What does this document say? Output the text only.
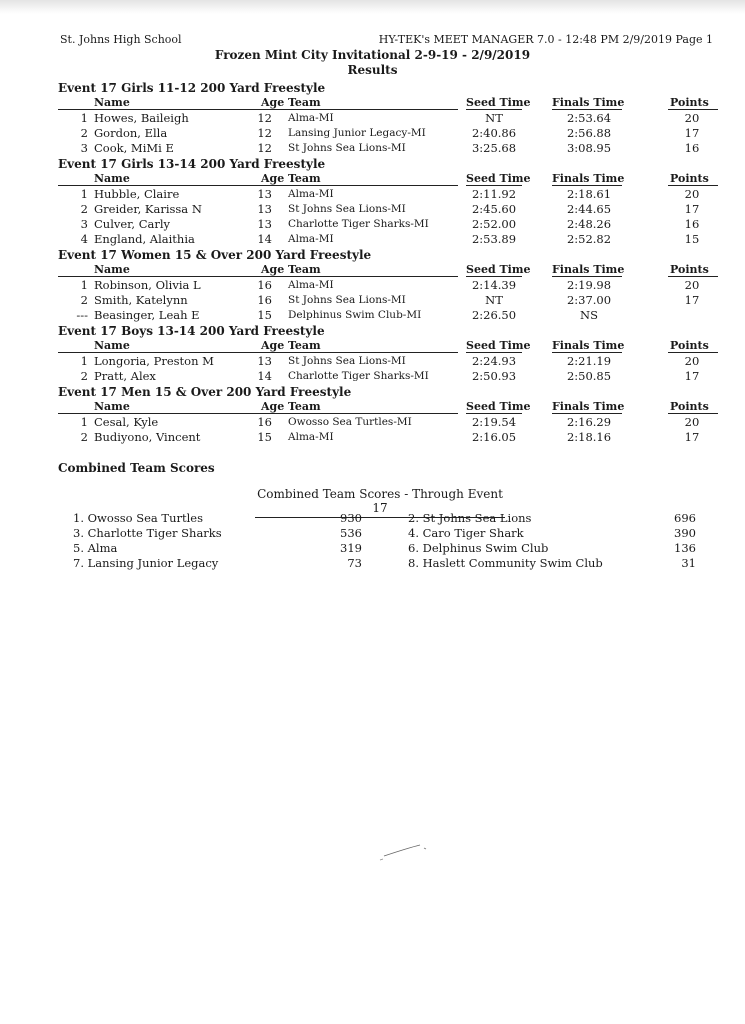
St. Johns High School	HY-TEK's MEET MANAGER 7.0 - 12:48 PM 2/9/2019 Page 1
Frozen Mint City Invitational 2-9-19 - 2/9/2019
Results
Event 17 Girls 11-12 200 Yard Freestyle
Name	Age Team	Seed Time Finals Time	Points
1 Howes, Baileigh	12 Alma-MI	NT	2:53.64	20
2 Gordon, Ella	12 Lansing Junior Legacy-MI	2:40.86	2:56.88	17
3 Cook, MiMi E	12 St Johns Sea Lions-MI	3:25.68	3:08.95	16
Event 17 Girls 13-14 200 Yard Freestyle
Name	Age Team	Seed Time Finals Time	Points
1 Hubble, Claire	13 Alma-MI	2:11.92	2:18.61	20
2 Greider, Karissa N	13 St Johns Sea Lions-MI	2:45.60	2:44.65	17
3 Culver, Carly	13 Charlotte Tiger Sharks-MI	2:52.00	2:48.26	16
4 England, Alaithia	14 Alma-MI	2:53.89	2:52.82	15
Event 17 Women 15 & Over 200 Yard Freestyle
Name	Age Team	Seed Time Finals Time	Points
1 Robinson, Olivia L	16 Alma-MI	2:14.39	2:19.98	20
2 Smith, Katelynn	16 St Johns Sea Lions-MI	NT	2:37.00	17
--- Beasinger, Leah E	15 Delphinus Swim Club-MI	2:26.50	NS
Event 17 Boys 13-14 200 Yard Freestyle
Name	Age Team	Seed Time Finals Time	Points
1 Longoria, Preston M	13 St Johns Sea Lions-MI	2:24.93	2:21.19	20
2 Pratt, Alex	14 Charlotte Tiger Sharks-MI	2:50.93	2:50.85	17
Event 17 Men 15 & Over 200 Yard Freestyle
Name	Age Team	Seed Time Finals Time	Points
1 Cesal, Kyle	16 Owosso Sea Turtles-MI	2:19.54	2:16.29	20
2 Budiyono, Vincent	15 Alma-MI	2:16.05	2:18.16	17
Combined Team Scores
Combined Team Scores - Through Event 17
1. Owosso Sea Turtles	930	2. St Johns Sea Lions	696
3. Charlotte Tiger Sharks	536	4. Caro Tiger Shark	390
5. Alma	319	6. Delphinus Swim Club	136
7. Lansing Junior Legacy	73	8. Haslett Community Swim Club	31
